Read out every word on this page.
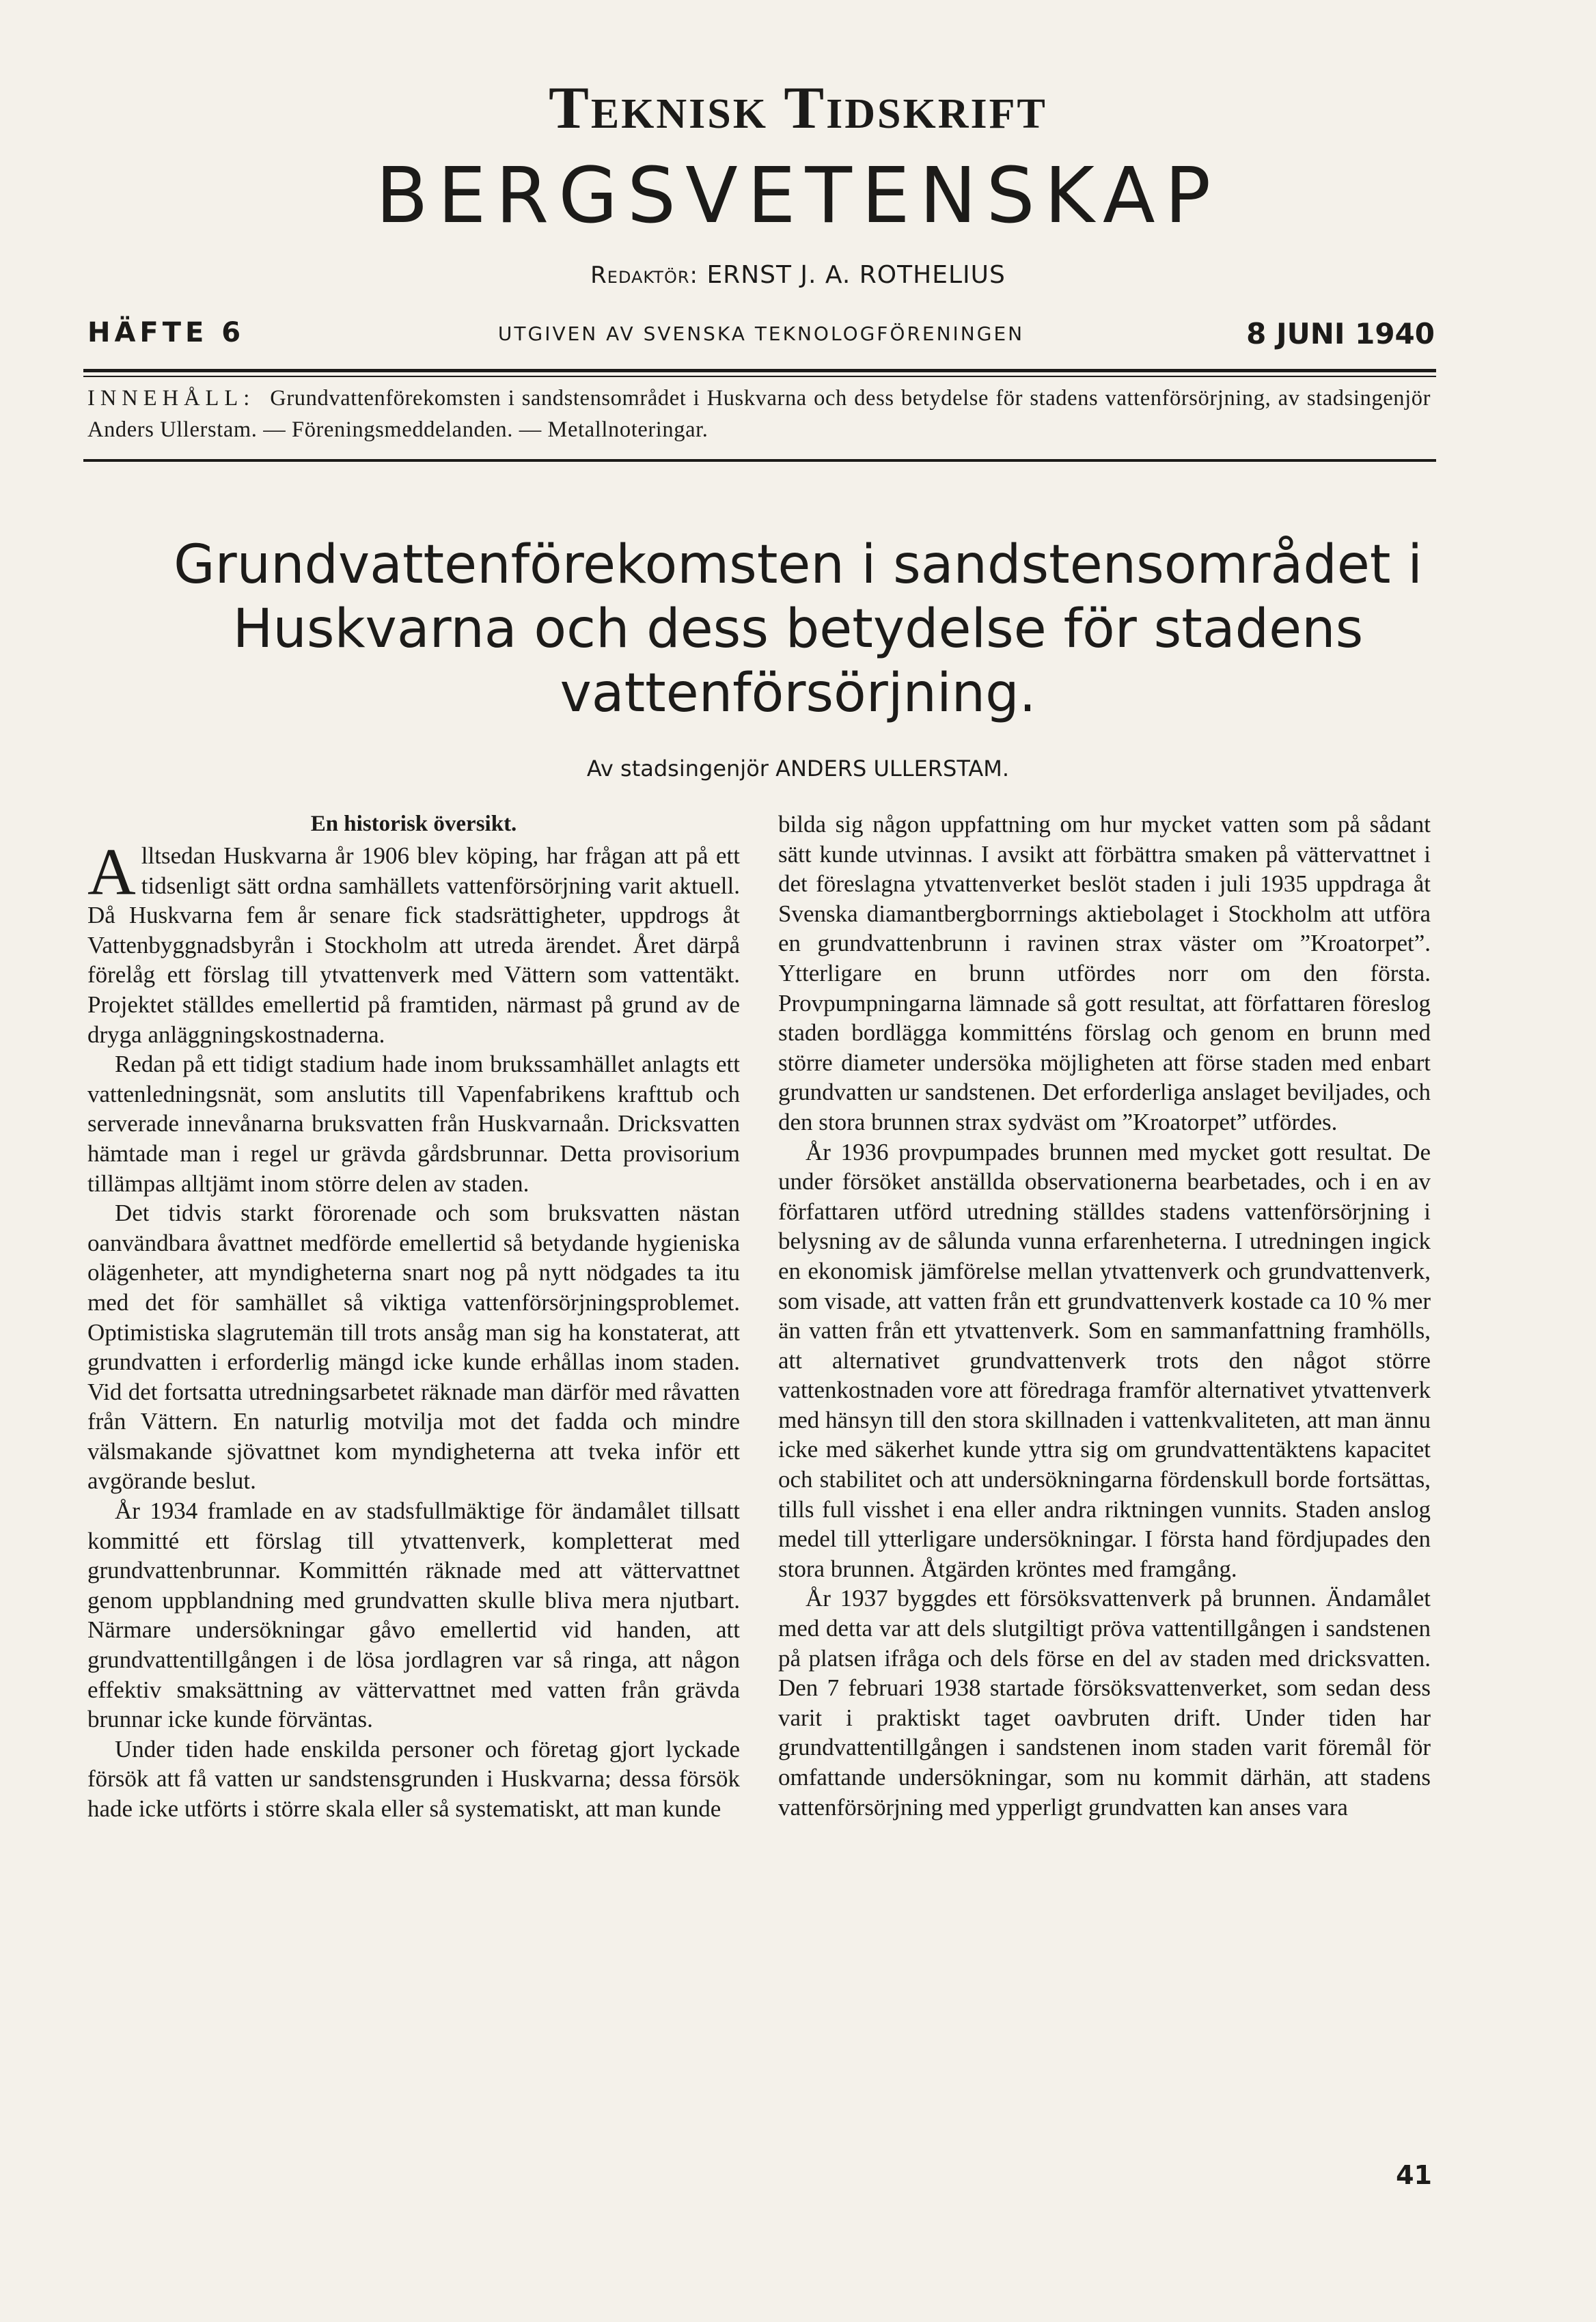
Teknisk Tidskrift
BERGSVETENSKAP
Redaktör: ERNST J. A. ROTHELIUS
HÄFTE 6	UTGIVEN AV SVENSKA TEKNOLOGFÖRENINGEN	8 JUNI 1940
INNEHÅLL: Grundvattenförekomsten i sandstensområdet i Huskvarna och dess betydelse för stadens vattenförsörjning, av stadsingenjör Anders Ullerstam. — Föreningsmeddelanden. — Metallnoteringar.
Grundvattenförekomsten i sandstensområdet i Huskvarna och dess betydelse för stadens vattenförsörjning.
Av stadsingenjör ANDERS ULLERSTAM.
En historisk översikt.

Alltsedan Huskvarna år 1906 blev köping, har frågan att på ett tidsenligt sätt ordna samhällets vattenförsörjning varit aktuell. Då Huskvarna fem år senare fick stadsrättigheter, uppdrogs åt Vattenbyggnadsbyrån i Stockholm att utreda ärendet. Året därpå förelåg ett förslag till ytvattenverk med Vättern som vattentäkt. Projektet ställdes emellertid på framtiden, närmast på grund av de dryga anläggningskostnaderna.

Redan på ett tidigt stadium hade inom brukssamhället anlagts ett vattenledningsnät, som anslutits till Vapenfabrikens krafttub och serverade innevånarna bruksvatten från Huskvarnaån. Dricksvatten hämtade man i regel ur grävda gårdsbrunnar. Detta provisorium tillämpas alltjämt inom större delen av staden.

Det tidvis starkt förorenade och som bruksvatten nästan oanvändbara åvattnet medförde emellertid så betydande hygieniska olägenheter, att myndigheterna snart nog på nytt nödgades ta itu med det för samhället så viktiga vattenförsörjningsproblemet. Optimistiska slagrutemän till trots ansåg man sig ha konstaterat, att grundvatten i erforderlig mängd icke kunde erhållas inom staden. Vid det fortsatta utredningsarbetet räknade man därför med råvatten från Vättern. En naturlig motvilja mot det fadda och mindre välsmakande sjövattnet kom myndigheterna att tveka inför ett avgörande beslut.

År 1934 framlade en av stadsfullmäktige för ändamålet tillsatt kommitté ett förslag till ytvattenverk, kompletterat med grundvattenbrunnar. Kommittén räknade med att vättervattnet genom uppblandning med grundvatten skulle bliva mera njutbart. Närmare undersökningar gåvo emellertid vid handen, att grundvattentillgången i de lösa jordlagren var så ringa, att någon effektiv smaksättning av vättervattnet med vatten från grävda brunnar icke kunde förväntas.

Under tiden hade enskilda personer och företag gjort lyckade försök att få vatten ur sandstensgrunden i Huskvarna; dessa försök hade icke utförts i större skala eller så systematiskt, att man kunde

bilda sig någon uppfattning om hur mycket vatten som på sådant sätt kunde utvinnas. I avsikt att förbättra smaken på vättervattnet i det föreslagna ytvattenverket beslöt staden i juli 1935 uppdraga åt Svenska diamantbergborrnings aktiebolaget i Stockholm att utföra en grundvattenbrunn i ravinen strax väster om ”Kroatorpet”. Ytterligare en brunn utfördes norr om den första. Provpumpningarna lämnade så gott resultat, att författaren föreslog staden bordlägga kommitténs förslag och genom en brunn med större diameter undersöka möjligheten att förse staden med enbart grundvatten ur sandstenen. Det erforderliga anslaget beviljades, och den stora brunnen strax sydväst om ”Kroatorpet” utfördes.

År 1936 provpumpades brunnen med mycket gott resultat. De under försöket anställda observationerna bearbetades, och i en av författaren utförd utredning ställdes stadens vattenförsörjning i belysning av de sålunda vunna erfarenheterna. I utredningen ingick en ekonomisk jämförelse mellan ytvattenverk och grundvattenverk, som visade, att vatten från ett grundvattenverk kostade ca 10 % mer än vatten från ett ytvattenverk. Som en sammanfattning framhölls, att alternativet grundvattenverk trots den något större vattenkostnaden vore att föredraga framför alternativet ytvattenverk med hänsyn till den stora skillnaden i vattenkvaliteten, att man ännu icke med säkerhet kunde yttra sig om grundvattentäktens kapacitet och stabilitet och att undersökningarna fördenskull borde fortsättas, tills full visshet i ena eller andra riktningen vunnits. Staden anslog medel till ytterligare undersökningar. I första hand fördjupades den stora brunnen. Åtgärden kröntes med framgång.

År 1937 byggdes ett försöksvattenverk på brunnen. Ändamålet med detta var att dels slutgiltigt pröva vattentillgången i sandstenen på platsen ifråga och dels förse en del av staden med dricksvatten. Den 7 februari 1938 startade försöksvattenverket, som sedan dess varit i praktiskt taget oavbruten drift. Under tiden har grundvattentillgången i sandstenen inom staden varit föremål för omfattande undersökningar, som nu kommit därhän, att stadens vattenförsörjning med ypperligt grundvatten kan anses vara

41
